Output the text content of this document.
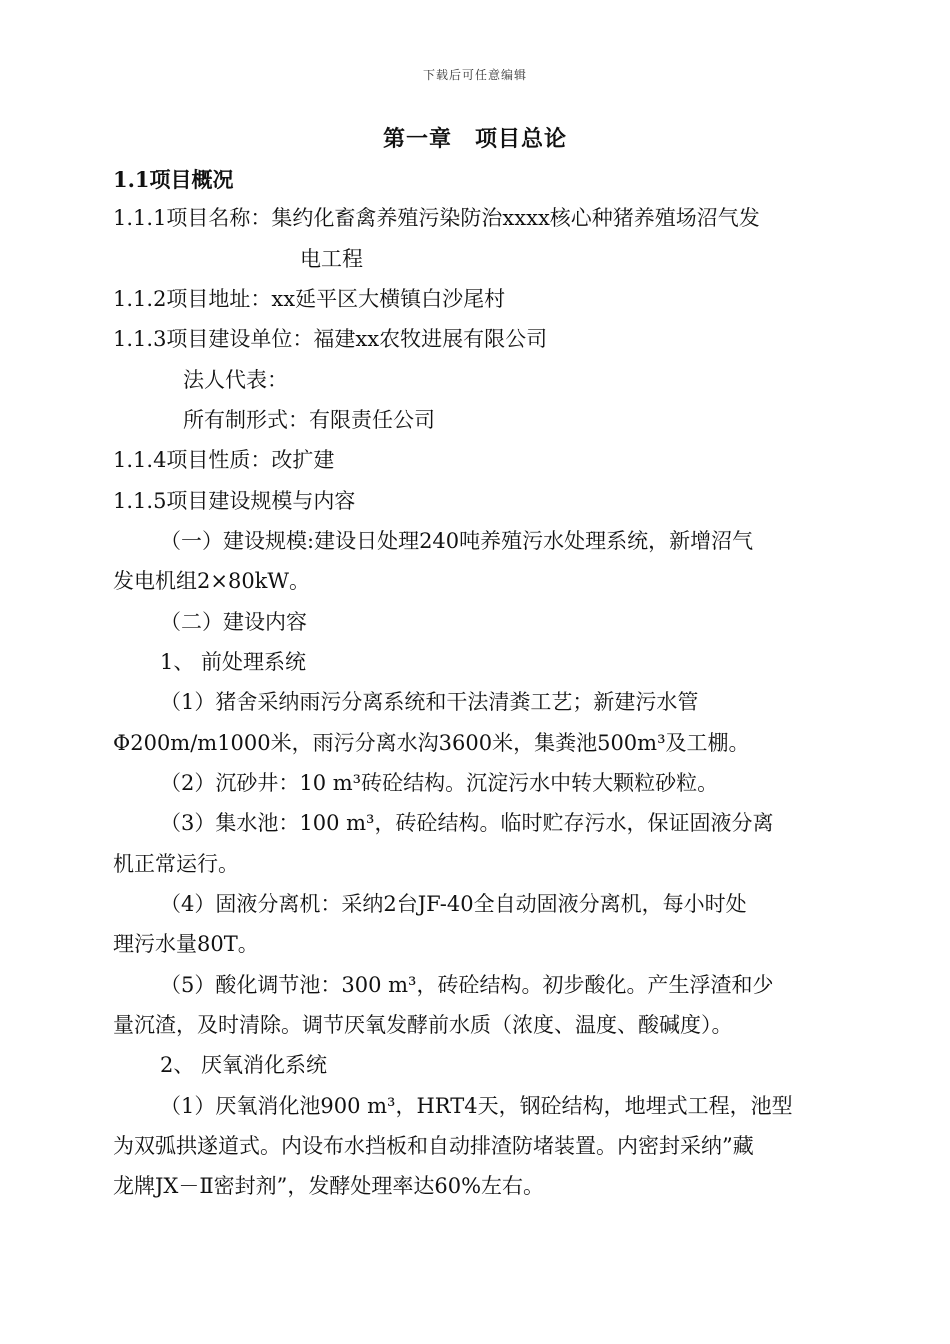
下载后可任意编辑
第一章　项目总论
1.1项目概况
1.1.1项目名称：集约化畜禽养殖污染防治xxxx核心种猪养殖场沼气发
电工程
1.1.2项目地址：xx延平区大横镇白沙尾村
1.1.3项目建设单位：福建xx农牧进展有限公司
法人代表：
所有制形式：有限责任公司
1.1.4项目性质：改扩建
1.1.5项目建设规模与内容
（一）建设规模:建设日处理240吨养殖污水处理系统，新增沼气
发电机组2×80kW。
（二）建设内容
1、 前处理系统
（1）猪舍采纳雨污分离系统和干法清粪工艺；新建污水管
Φ200m/m1000米，雨污分离水沟3600米，集粪池500m³及工棚。
（2）沉砂井：10 m³砖砼结构。沉淀污水中转大颗粒砂粒。
（3）集水池：100 m³，砖砼结构。临时贮存污水，保证固液分离
机正常运行。
（4）固液分离机：采纳2台JF-40全自动固液分离机，每小时处
理污水量80T。
（5）酸化调节池：300 m³，砖砼结构。初步酸化。产生浮渣和少
量沉渣，及时清除。调节厌氧发酵前水质（浓度、温度、酸碱度）。
2、 厌氧消化系统
（1）厌氧消化池900 m³，HRT4天，钢砼结构，地埋式工程，池型
为双弧拱遂道式。内设布水挡板和自动排渣防堵装置。内密封采纳”藏
龙牌JX－Ⅱ密封剂”，发酵处理率达60%左右。
